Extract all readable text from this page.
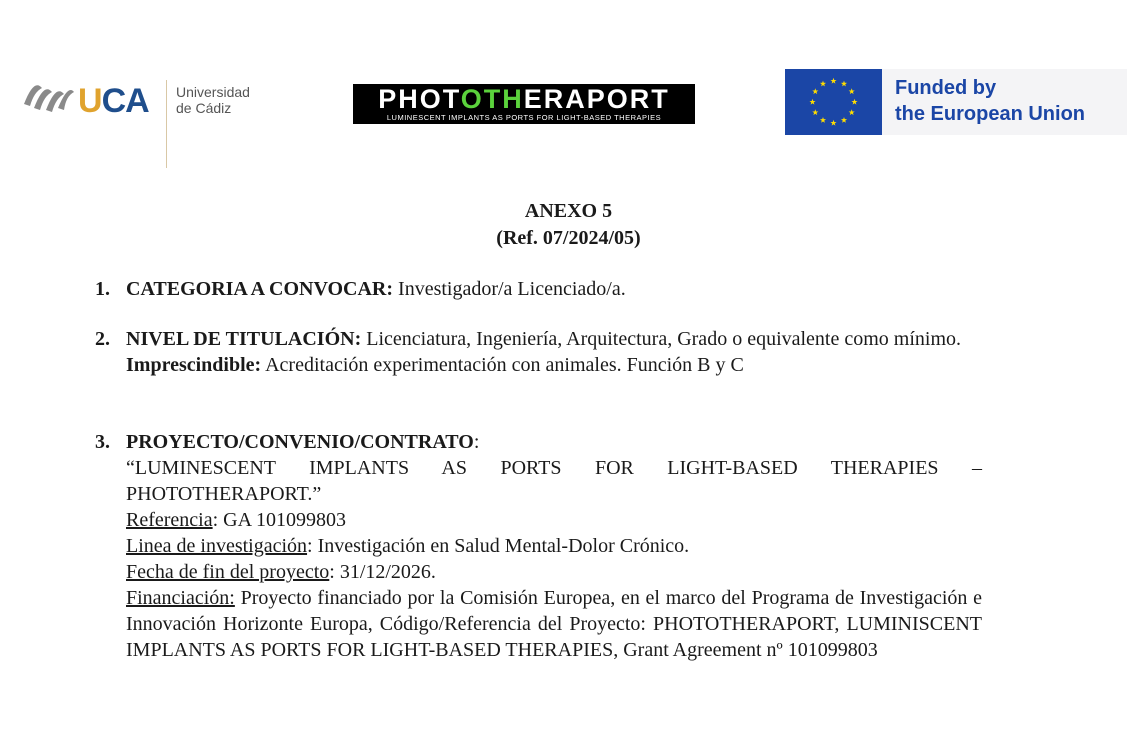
UCA Universidad
de Cádiz	PHOTOTHERAPORT
LUMINESCENT IMPLANTS AS PORTS FOR LIGHT-BASED THERAPIES
Funded by
the European Union
ANEXO 5
(Ref. 07/2024/05)
1. CATEGORIA A CONVOCAR: Investigador/a Licenciado/a.
2. NIVEL DE TITULACIÓN: Licenciatura, Ingeniería, Arquitectura, Grado o equivalente como mínimo.
Imprescindible: Acreditación experimentación con animales. Función B y C
3. PROYECTO/CONVENIO/CONTRATO:
“LUMINESCENT IMPLANTS AS PORTS FOR LIGHT-BASED THERAPIES – PHOTOTHERAPORT.”
Referencia: GA 101099803
Linea de investigación: Investigación en Salud Mental-Dolor Crónico.
Fecha de fin del proyecto: 31/12/2026.
Financiación: Proyecto financiado por la Comisión Europea, en el marco del Programa de Investigación e Innovación Horizonte Europa, Código/Referencia del Proyecto: PHOTOTHERAPORT, LUMINISCENT IMPLANTS AS PORTS FOR LIGHT-BASED THERAPIES, Grant Agreement nº 101099803
